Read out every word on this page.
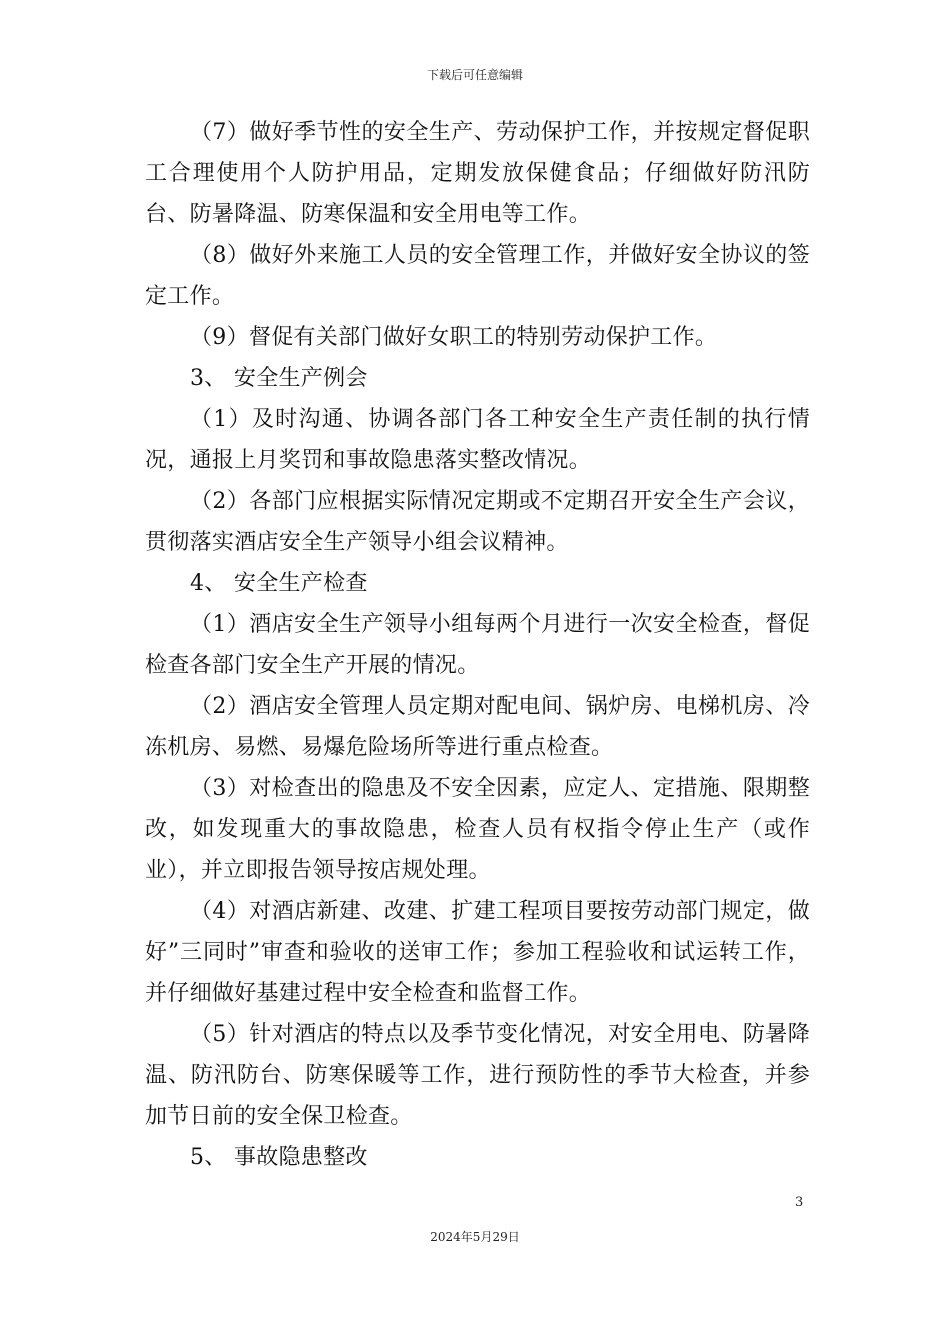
下载后可任意编辑

（7）做好季节性的安全生产、劳动保护工作，并按规定督促职工合理使用个人防护用品，定期发放保健食品；仔细做好防汛防台、防暑降温、防寒保温和安全用电等工作。

（8）做好外来施工人员的安全管理工作，并做好安全协议的签定工作。

（9）督促有关部门做好女职工的特别劳动保护工作。

3、 安全生产例会

（1）及时沟通、协调各部门各工种安全生产责任制的执行情况，通报上月奖罚和事故隐患落实整改情况。

（2）各部门应根据实际情况定期或不定期召开安全生产会议，贯彻落实酒店安全生产领导小组会议精神。

4、 安全生产检查

（1）酒店安全生产领导小组每两个月进行一次安全检查，督促检查各部门安全生产开展的情况。

（2）酒店安全管理人员定期对配电间、锅炉房、电梯机房、冷冻机房、易燃、易爆危险场所等进行重点检查。

（3）对检查出的隐患及不安全因素，应定人、定措施、限期整改，如发现重大的事故隐患，检查人员有权指令停止生产（或作业），并立即报告领导按店规处理。

（4）对酒店新建、改建、扩建工程项目要按劳动部门规定，做好”三同时”审查和验收的送审工作；参加工程验收和试运转工作，并仔细做好基建过程中安全检查和监督工作。

（5）针对酒店的特点以及季节变化情况，对安全用电、防暑降温、防汛防台、防寒保暖等工作，进行预防性的季节大检查，并参加节日前的安全保卫检查。

5、 事故隐患整改

3
2024年5月29日
